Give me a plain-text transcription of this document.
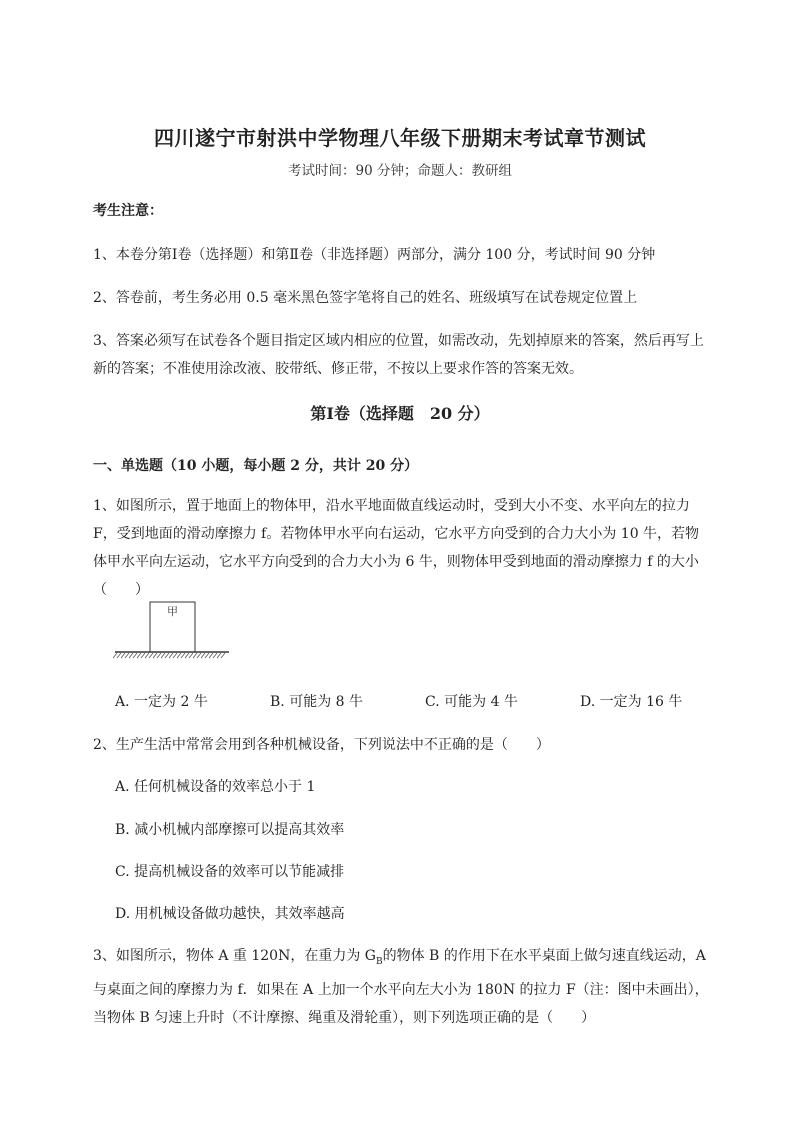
四川遂宁市射洪中学物理八年级下册期末考试章节测试
考试时间：90 分钟；命题人：教研组
考生注意：
1、本卷分第Ⅰ卷（选择题）和第Ⅱ卷（非选择题）两部分，满分 100 分，考试时间 90 分钟
2、答卷前，考生务必用 0.5 毫米黑色签字笔将自己的姓名、班级填写在试卷规定位置上
3、答案必须写在试卷各个题目指定区域内相应的位置，如需改动，先划掉原来的答案，然后再写上新的答案；不准使用涂改液、胶带纸、修正带，不按以上要求作答的答案无效。
第Ⅰ卷（选择题　20 分）
一、单选题（10 小题，每小题 2 分，共计 20 分）
1、如图所示，置于地面上的物体甲，沿水平地面做直线运动时，受到大小不变、水平向左的拉力 F，受到地面的滑动摩擦力 f。若物体甲水平向右运动，它水平方向受到的合力大小为 10 牛，若物体甲水平向左运动，它水平方向受到的合力大小为 6 牛，则物体甲受到地面的滑动摩擦力 f 的大小（　　）
甲
A. 一定为 2 牛	B. 可能为 8 牛	C. 可能为 4 牛	D. 一定为 16 牛
2、生产生活中常常会用到各种机械设备，下列说法中不正确的是（　　）
A. 任何机械设备的效率总小于 1
B. 减小机械内部摩擦可以提高其效率
C. 提高机械设备的效率可以节能减排
D. 用机械设备做功越快，其效率越高
3、如图所示，物体 A 重 120N，在重力为 $G_B$的物体 B 的作用下在水平桌面上做匀速直线运动，A 与桌面之间的摩擦力为 f．如果在 A 上加一个水平向左大小为 180N 的拉力 F（注：图中未画出），当物体 B 匀速上升时（不计摩擦、绳重及滑轮重），则下列选项正确的是（　　）
